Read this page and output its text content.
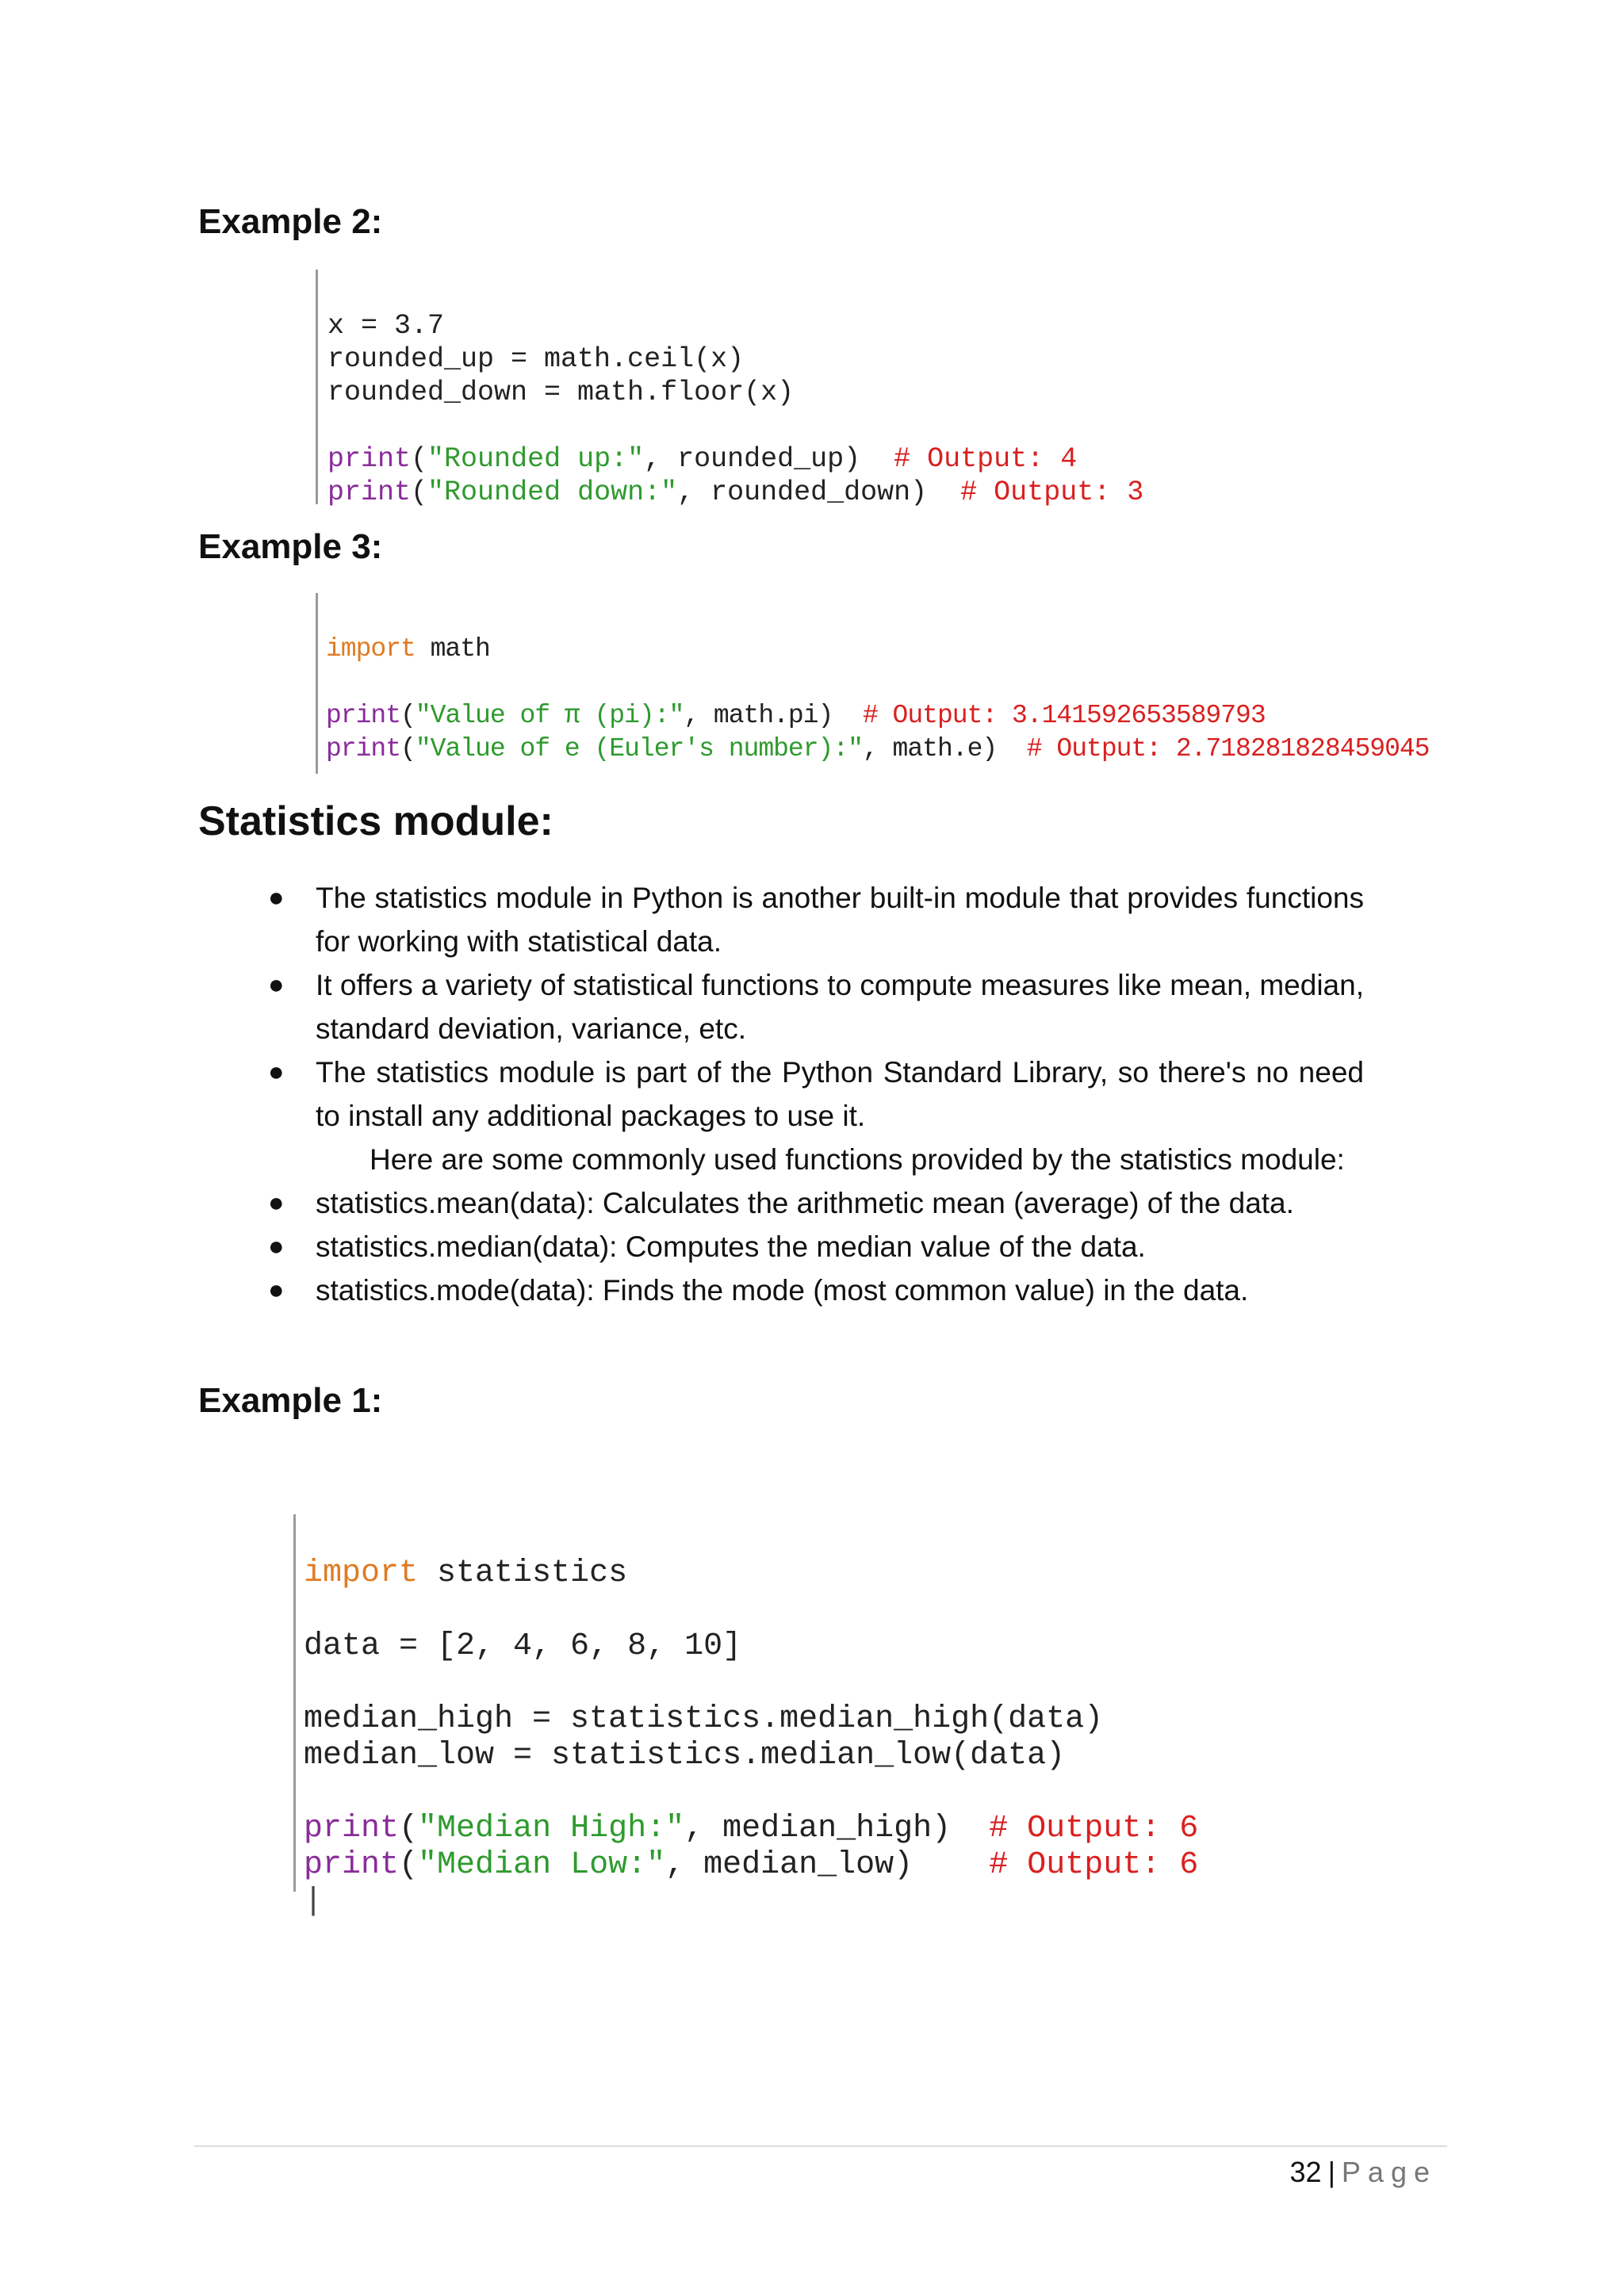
Example 2:

x = 3.7
rounded_up = math.ceil(x)
rounded_down = math.floor(x)

print("Rounded up:", rounded_up)  # Output: 4
print("Rounded down:", rounded_down)  # Output: 3

Example 3:

import math

print("Value of π (pi):", math.pi)  # Output: 3.141592653589793
print("Value of e (Euler's number):", math.e)  # Output: 2.718281828459045

Statistics module:
● The statistics module in Python is another built-in module that provides functions for working with statistical data.
● It offers a variety of statistical functions to compute measures like mean, median, standard deviation, variance, etc.
● The statistics module is part of the Python Standard Library, so there's no need to install any additional packages to use it.
Here are some commonly used functions provided by the statistics module:
● statistics.mean(data): Calculates the arithmetic mean (average) of the data.
● statistics.median(data): Computes the median value of the data.
● statistics.mode(data): Finds the mode (most common value) in the data.
Example 1:

import statistics

data = [2, 4, 6, 8, 10]

median_high = statistics.median_high(data)
median_low = statistics.median_low(data)

print("Median High:", median_high)  # Output: 6
print("Median Low:", median_low)    # Output: 6
|

32 | Page
